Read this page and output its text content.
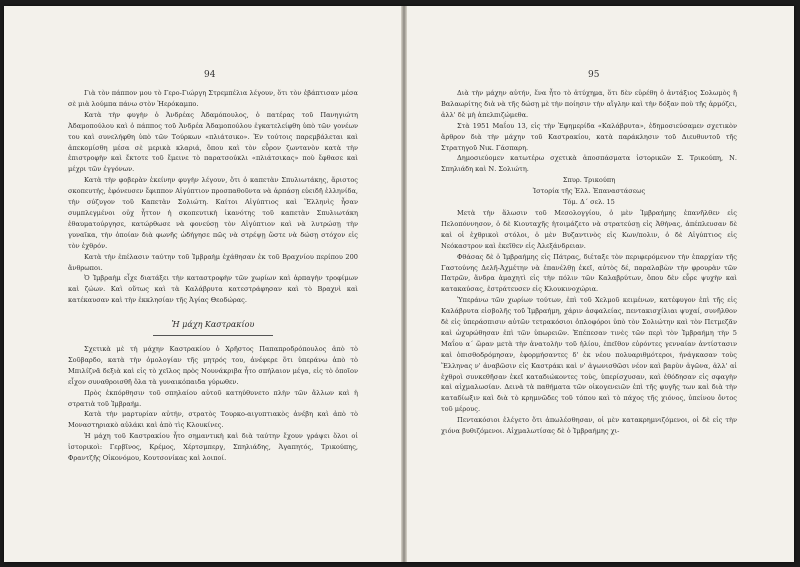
94

Γιὰ τὸν πάππον μου τὸ Γερο-Γιώργη Στρεμπέλια λέγουν, ὅτι τὸν ἐβάπτισαν μέσα σὲ μιὰ λούμπα πάνω στὸν Ἠερόκαμπο.

Κατὰ τὴν φυγὴν ὁ Ἀνδρέας Ἀδαμόπουλος, ὁ πατέρας τοῦ Πανηγιώτη Ἀδαμοπούλου καὶ ὁ πάππος τοῦ Ἀνδρέα Ἀδαμοπούλου ἐγκατελείφθη ὑπὸ τῶν γονέων του καὶ συνελήφθη ὑπὸ τῶν Τούρκων «πλιάτσικο». Ἐν τούτοις παρεμβάλεται καὶ ἀπεκομίσθη μέσα σὲ μερικὰ κλαριά, ὅπου καὶ τὸν εὗρον ζωντανὸν κατὰ τὴν ἐπιστροφὴν καὶ ἔκτοτε τοῦ ἔμεινε τὸ παρατσούκλι «πλιάτσικας» ποὺ ἔφθασε καὶ μέχρι τῶν ἐγγόνων.

Κατὰ τὴν φοβερὰν ἐκείνην φυγὴν λέγουν, ὅτι ὁ καπετὰν Σπυλιωτάκης, ἄριστος σκοπευτής, ἐφόνευσεν ἔφιππον Αἰγύπτιον προσπαθοῦντα νὰ ἁρπάσῃ εὐειδῆ ἑλληνίδα, τὴν σύζυγον τοῦ Καπετὰν Σολιώτη. Καίτοι Αἰγύπτιος καὶ Ἕλληνὶς ἦσαν συμπλεγμένοι οὐχ ἧττον ἡ σκοπευτικὴ ἱκανότης τοῦ καπετὰν Σπυλιωτάκη ἐθαυματούργησε, κατώρθωσε νὰ φονεύσῃ τὸν Αἰγύπτιον καὶ νὰ λυτρώσῃ τὴν γυναῖκα, τὴν ὁποίαν διὰ φωνῆς ὡδήγησε πῶς νὰ στρέψῃ ὥστε νὰ δώσῃ στόχον εἰς τὸν ἐχθρόν.

Κατὰ τὴν ἐπέλασιν ταύτην τοῦ Ἰμβραὴμ ἐχάθησαν ἐκ τοῦ Βραχνίου περίπου 200 ἄνθρωποι.

Ὁ Ἰμβραὴμ εἶχε διατάξει τὴν καταστροφὴν τῶν χωρίων καὶ ἁρπαγὴν τροφίμων καὶ ζώων. Καὶ οὕτως καὶ τὰ Καλάβρυτα κατεστράφησαν καὶ τὸ Βραχνὶ καὶ κατέκαυσαν καὶ τὴν ἐκκλησίαν τῆς Ἁγίας Θεοδώρας.

Ἡ μάχη Καστρακίου

Σχετικὰ μὲ τὴ μάχην Καστρακίου ὁ Χρῆστος Παπαπροδρόπουλος ἀπὸ τὸ Σοῦβαρδο, κατὰ τὴν ὁμολογίαν τῆς μητρός του, ἀνέφερε ὅτι ὑπεράνω ἀπὸ τὸ Μπιλίζνᾶ δεξιὰ καὶ εἰς τὸ χεῖλος πρὸς Νουνάκριβα ἦτο σπήλαιον μέγα, εἰς τὸ ὁποῖον εἶχον συναθροισθῆ ὅλα τὰ γυναικόπαιδα γύρωθεν.

Πρὸς ἐκπόρθησιν τοῦ σπηλαίου αὐτοῦ κατηύθυνετο πλὴν τῶν ἄλλων καὶ ἡ στρατιὰ τοῦ Ἰμβραήμ.

Κατὰ τὴν μαρτυρίαν αὐτήν, στρατὸς Τουρκο-αιγυπτιακὸς ἀνέβη καὶ ἀπὸ τὸ Μοναστηριακὸ αὐλάκι καὶ ἀπὸ τὶς Κλουκίνες.

Ἡ μάχη τοῦ Καστρακίου ἦτο σημαντικὴ καὶ διὰ ταύτην ἔχουν γράψει ὅλοι οἱ ἱστορικοὶ: Γερβῖνος, Κρέμος, Χέρτσμπεργ, Σπηλιάδης, Ἀγαπητός, Τρικούπης, Φραντζῆς Οἰκονόμου, Κουτσονίκας καὶ λοιποί.

95

Διὰ τὴν μάχην αὐτήν, ἕνα ἦτο τὸ ἀτύχημα, ὅτι δὲν εὑρέθη ὁ ἀντάξιος Σολωμὸς ἢ Βαλαωρίτης διὰ νὰ τῆς δώσῃ μὲ τὴν ποίησιν τὴν αἴγλην καὶ τὴν δόξαν ποὺ τῆς ἁρμόζει, ἀλλ' δὲ μὴ ἀπελπιζώμεθα.

Στὰ 1951 Μαΐου 13, εἰς τὴν Ἐφημερίδα «Καλάβρυτα», ἐδημοσιεύσαμεν σχετικὸν ἄρθρον διὰ τὴν μάχην τοῦ Καστρακίου, κατὰ παράκλησιν τοῦ Διευθυντοῦ τῆς Στρατηγοῦ Νικ. Γάσπαρη.

Δημοσιεύομεν κατωτέρω σχετικὰ ἀποσπάσματα ἱστορικῶν Σ. Τρικούπη, Ν. Σπηλιάδη καὶ Ν. Σολιώτη.

Σπυρ. Τρικούπη

Ἱστορία τῆς Ἑλλ. Ἐπαναστάσεως

Τόμ. Δ΄ σελ. 15

Μετὰ τὴν ἅλωσιν τοῦ Μεσολογγίου, ὁ μὲν Ἰμβραήμης ἐπανῆλθεν εἰς Πελοπόννησον, ὁ δὲ Κιουταχῆς ἡτοιμάζετο νὰ στρατεύσῃ εἰς Ἀθήνας, ἀπέπλευσαν δὲ καὶ οἱ ἐχθρικοὶ στόλοι, ὁ μὲν Βυζαντινὸς εἰς Κων/πολιν, ὁ δὲ Αἰγύπτιος εἰς Νεόκαστρον καὶ ἐκεῖθεν εἰς Ἀλεξάνδρειαν.

Φθάσας δὲ ὁ Ἰμβραήμης εἰς Πάτρας, διέταξε τὸν περιφερόμενον τὴν ἐπαρχίαν τῆς Γαστούνης Δελῆ-Ἀχμέτην νὰ ἐπανέλθῃ ἐκεῖ, αὐτὸς δέ, παραλαβὼν τὴν φρουρὰν τῶν Πατρῶν, ἄνδρα ἀμαχητὶ εἰς τὴν πόλιν τῶν Καλαβρύτων, ὅπου δὲν εὗρε ψυχὴν καὶ κατακαύσας, ἐστράτευσεν εἰς Κλουκινοχώρια.

Ὑπεράνω τῶν χωρίων τούτων, ἐπὶ τοῦ Χελμοῦ κειμένων, κατέφυγον ἐπὶ τῆς εἰς Καλάβρυτα εἰσβολῆς τοῦ Ἰμβραήμη, χάριν ἀσφαλείας, πεντακισχίλιαι ψυχαί, συνῆλθον δὲ εἰς ὑπεράσπισιν αὐτῶν τετρακόσιοι ὁπλοφόροι ὑπὸ τὸν Σολιώτην καὶ τὸν Πετμεζᾶν καὶ ὠχυρώθησαν ἐπὶ τῶν ὑπωρειῶν. Ἐπέπεσαν τινὲς τῶν περὶ τὸν Ἰμβραήμη τὴν 5 Μαΐου α΄ ὥραν μετὰ τὴν ἀνατολὴν τοῦ ἡλίου, ἐπεῖθον εὑρόντες γενναίαν ἀντίστασιν καὶ ὀπισθοδρόμησαν, ἐφορμήσαντες δ' ἐκ νέου πολυαριθμότεροι, ἠνάγκασαν τοὺς Ἕλληνας ν' ἀναβῶσιν εἰς Καστράκι καὶ ν' ἀγωνισθῶσι νέον καὶ βαρὺν ἀγῶνα, ἀλλ' αἱ ἐχθροὶ συνκεθῆσαν ἐκεῖ καταδιώκοντες τοὺς, ὑπερίσχυσαν, καὶ ἐθόδησαν εἰς σφαγὴν καὶ αἰχμαλωσίαν. Δεινὰ τὰ παθήματα τῶν οἰκογενειῶν ἐπὶ τῆς φυγῆς των καὶ διὰ τὴν καταδίωξιν καὶ διὰ τὸ κρημνῶδες τοῦ τόπου καὶ τὸ πάχος τῆς χιόνος, ὑπείνου ὄντος τοῦ μέρους.

Πεντακόσιοι ἐλέγετο ὅτι ἀπωλέσθησαν, οἱ μὲν κατακρημνιζόμενοι, οἱ δὲ εἰς τὴν χιόνα βυθιζόμενοι. Αἰχμαλωτίσας δὲ ὁ Ἰμβραήμης χι-
